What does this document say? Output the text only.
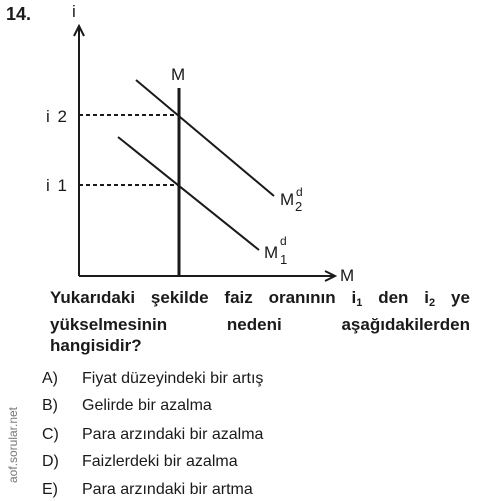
14. i
M
M
i 2
i 1
M d
2
M
d
1
Yukarıdaki şekilde faiz oranının $i_1$ den $i_2$ ye
yükselmesinin	nedeni	aşağıdakilerden
hangisidir?
A) Fiyat düzeyindeki bir artış
B) Gelirde bir azalma
C) Para arzındaki bir azalma
D) Faizlerdeki bir azalma
E) Para arzındaki bir artma
aof.sorular.net
